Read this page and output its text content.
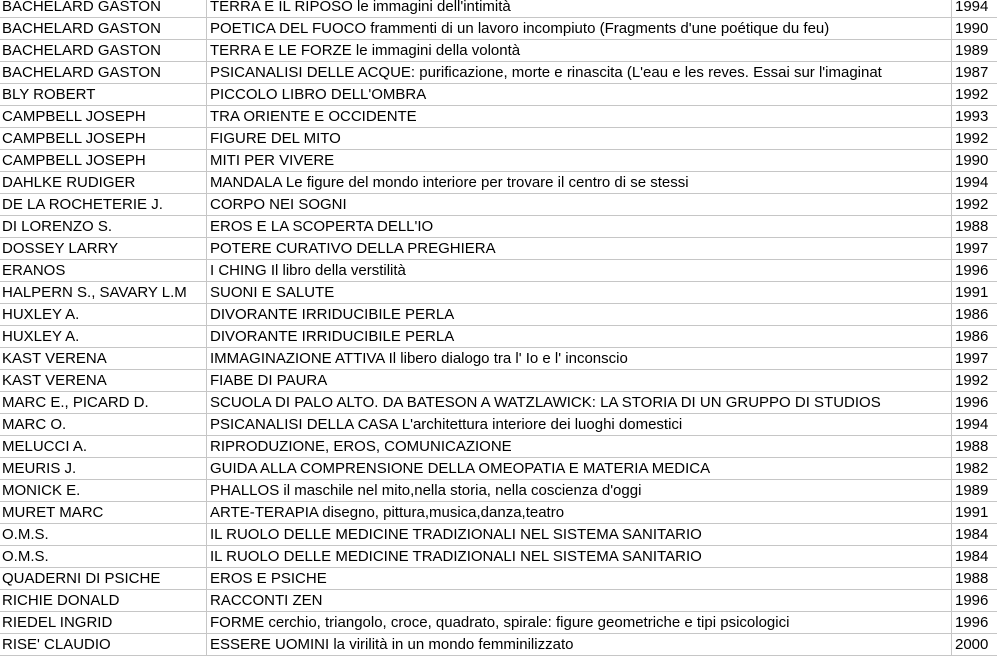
BACHELARD GASTON	TERRA E IL RIPOSO le immagini dell'intimità	1994
BACHELARD GASTON	POETICA DEL FUOCO frammenti di un lavoro incompiuto (Fragments d'une poétique du feu)	1990
BACHELARD GASTON	TERRA E LE FORZE le immagini della volontà	1989
BACHELARD GASTON	PSICANALISI DELLE ACQUE: purificazione, morte e rinascita (L'eau e les reves. Essai sur l'imaginat	1987
BLY ROBERT	PICCOLO LIBRO DELL'OMBRA	1992
CAMPBELL JOSEPH	TRA ORIENTE E OCCIDENTE	1993
CAMPBELL JOSEPH	FIGURE DEL MITO	1992
CAMPBELL JOSEPH	MITI PER VIVERE	1990
DAHLKE RUDIGER	MANDALA Le figure del mondo interiore per trovare il centro di se stessi	1994
DE LA ROCHETERIE J.	CORPO NEI SOGNI	1992
DI LORENZO S.	EROS E LA SCOPERTA DELL'IO	1988
DOSSEY LARRY	POTERE CURATIVO DELLA PREGHIERA	1997
ERANOS	I CHING Il libro della verstilità	1996
HALPERN S., SAVARY L.M	SUONI E SALUTE	1991
HUXLEY A.	DIVORANTE IRRIDUCIBILE PERLA	1986
HUXLEY A.	DIVORANTE IRRIDUCIBILE PERLA	1986
KAST VERENA	IMMAGINAZIONE ATTIVA Il libero dialogo tra l' Io e l' inconscio	1997
KAST VERENA	FIABE DI PAURA	1992
MARC E., PICARD D.	SCUOLA DI PALO ALTO. DA BATESON A WATZLAWICK: LA STORIA DI UN GRUPPO DI STUDIOS	1996
MARC O.	PSICANALISI DELLA CASA L'architettura interiore dei luoghi domestici	1994
MELUCCI A.	RIPRODUZIONE, EROS, COMUNICAZIONE	1988
MEURIS J.	GUIDA ALLA COMPRENSIONE DELLA OMEOPATIA E MATERIA MEDICA	1982
MONICK E.	PHALLOS il maschile nel mito,nella storia, nella coscienza d'oggi	1989
MURET MARC	ARTE-TERAPIA disegno, pittura,musica,danza,teatro	1991
O.M.S.	IL RUOLO DELLE MEDICINE TRADIZIONALI NEL SISTEMA SANITARIO	1984
O.M.S.	IL RUOLO DELLE MEDICINE TRADIZIONALI NEL SISTEMA SANITARIO	1984
QUADERNI DI PSICHE	EROS E PSICHE	1988
RICHIE DONALD	RACCONTI ZEN	1996
RIEDEL INGRID	FORME cerchio, triangolo, croce, quadrato, spirale: figure geometriche e tipi psicologici	1996
RISE' CLAUDIO	ESSERE UOMINI la virilità in un mondo femminilizzato	2000
